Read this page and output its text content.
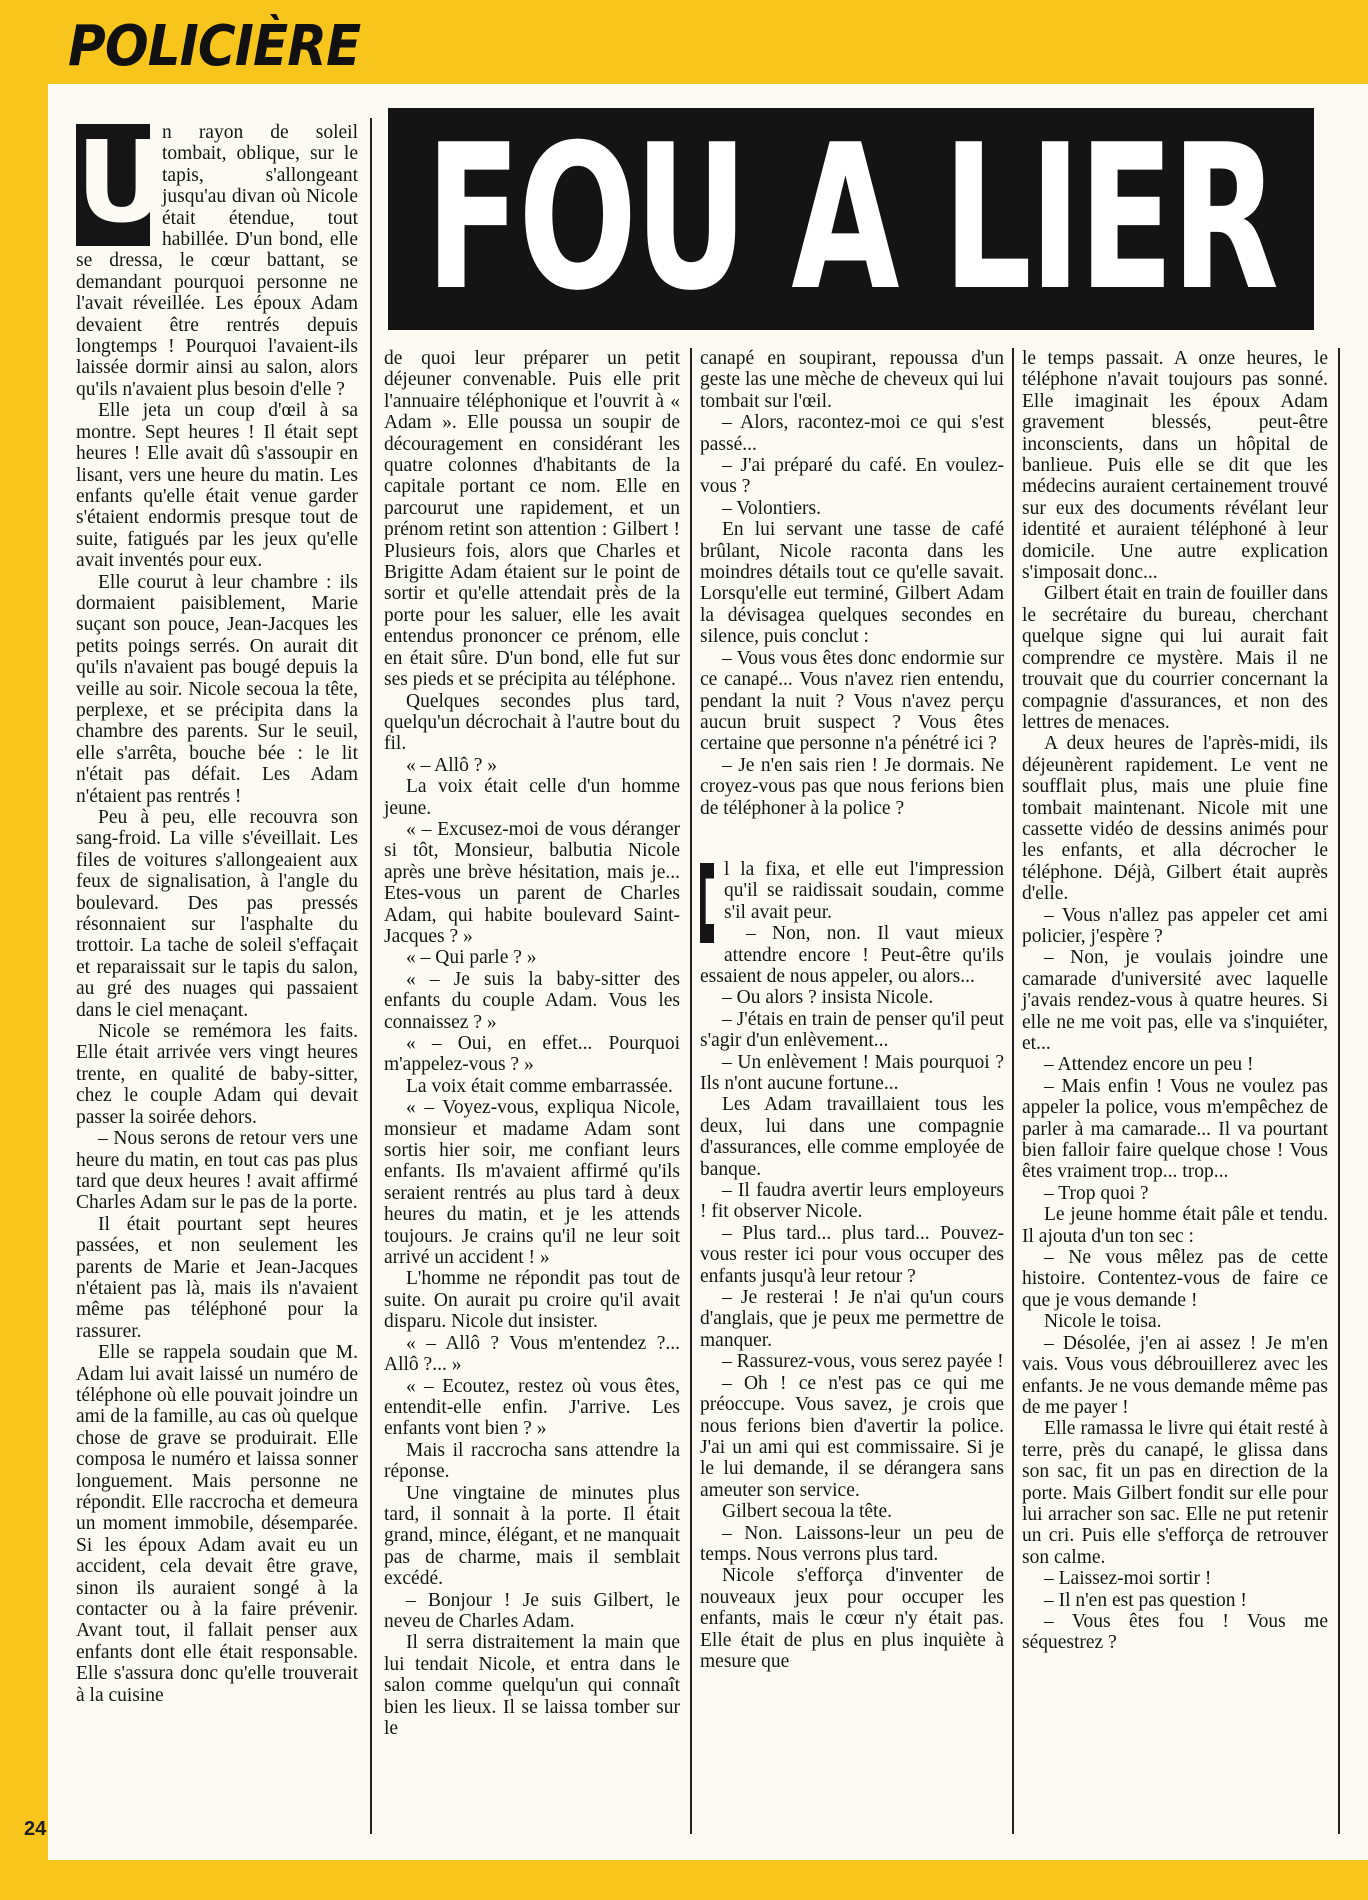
POLICIÈRE
FOU A LIER
U

n rayon de soleil tombait, oblique, sur le tapis, s'allongeant jusqu'au divan où Nicole était étendue, tout habillée. D'un bond, elle se dressa, le cœur battant, se demandant pourquoi personne ne l'avait réveillée. Les époux Adam devaient être rentrés depuis longtemps ! Pourquoi l'avaient-ils laissée dormir ainsi au salon, alors qu'ils n'avaient plus besoin d'elle ?

Elle jeta un coup d'œil à sa montre. Sept heures ! Il était sept heures ! Elle avait dû s'assoupir en lisant, vers une heure du matin. Les enfants qu'elle était venue garder s'étaient endormis presque tout de suite, fatigués par les jeux qu'elle avait inventés pour eux.

Elle courut à leur chambre : ils dormaient paisiblement, Marie suçant son pouce, Jean-Jacques les petits poings serrés. On aurait dit qu'ils n'avaient pas bougé depuis la veille au soir. Nicole secoua la tête, perplexe, et se précipita dans la chambre des parents. Sur le seuil, elle s'arrêta, bouche bée : le lit n'était pas défait. Les Adam n'étaient pas rentrés !

Peu à peu, elle recouvra son sang-froid. La ville s'éveillait. Les files de voitures s'allongeaient aux feux de signalisation, à l'angle du boulevard. Des pas pressés résonnaient sur l'asphalte du trottoir. La tache de soleil s'effaçait et reparaissait sur le tapis du salon, au gré des nuages qui passaient dans le ciel menaçant.

Nicole se remémora les faits. Elle était arrivée vers vingt heures trente, en qualité de baby-sitter, chez le couple Adam qui devait passer la soirée dehors.

– Nous serons de retour vers une heure du matin, en tout cas pas plus tard que deux heures ! avait affirmé Charles Adam sur le pas de la porte.

Il était pourtant sept heures passées, et non seulement les parents de Marie et Jean-Jacques n'étaient pas là, mais ils n'avaient même pas téléphoné pour la rassurer.

Elle se rappela soudain que M. Adam lui avait laissé un numéro de téléphone où elle pouvait joindre un ami de la famille, au cas où quelque chose de grave se produirait. Elle composa le numéro et laissa sonner longuement. Mais personne ne répondit. Elle raccrocha et demeura un moment immobile, désemparée. Si les époux Adam avait eu un accident, cela devait être grave, sinon ils auraient songé à la contacter ou à la faire prévenir. Avant tout, il fallait penser aux enfants dont elle était responsable. Elle s'assura donc qu'elle trouverait à la cuisine

de quoi leur préparer un petit déjeuner convenable. Puis elle prit l'annuaire téléphonique et l'ouvrit à « Adam ». Elle poussa un soupir de découragement en considérant les quatre colonnes d'habitants de la capitale portant ce nom. Elle en parcourut une rapidement, et un prénom retint son attention : Gilbert ! Plusieurs fois, alors que Charles et Brigitte Adam étaient sur le point de sortir et qu'elle attendait près de la porte pour les saluer, elle les avait entendus prononcer ce prénom, elle en était sûre. D'un bond, elle fut sur ses pieds et se précipita au téléphone.

Quelques secondes plus tard, quelqu'un décrochait à l'autre bout du fil.

« – Allô ? »

La voix était celle d'un homme jeune.

« – Excusez-moi de vous déranger si tôt, Monsieur, balbutia Nicole après une brève hésitation, mais je... Etes-vous un parent de Charles Adam, qui habite boulevard Saint-Jacques ? »

« – Qui parle ? »

« – Je suis la baby-sitter des enfants du couple Adam. Vous les connaissez ? »

« – Oui, en effet... Pourquoi m'appelez-vous ? »

La voix était comme embarrassée.

« – Voyez-vous, expliqua Nicole, monsieur et madame Adam sont sortis hier soir, me confiant leurs enfants. Ils m'avaient affirmé qu'ils seraient rentrés au plus tard à deux heures du matin, et je les attends toujours. Je crains qu'il ne leur soit arrivé un accident ! »

L'homme ne répondit pas tout de suite. On aurait pu croire qu'il avait disparu. Nicole dut insister.

« – Allô ? Vous m'entendez ?... Allô ?... »

« – Ecoutez, restez où vous êtes, entendit-elle enfin. J'arrive. Les enfants vont bien ? »

Mais il raccrocha sans attendre la réponse.

Une vingtaine de minutes plus tard, il sonnait à la porte. Il était grand, mince, élégant, et ne manquait pas de charme, mais il semblait excédé.

– Bonjour ! Je suis Gilbert, le neveu de Charles Adam.

Il serra distraitement la main que lui tendait Nicole, et entra dans le salon comme quelqu'un qui connaît bien les lieux. Il se laissa tomber sur le

canapé en soupirant, repoussa d'un geste las une mèche de cheveux qui lui tombait sur l'œil.

– Alors, racontez-moi ce qui s'est passé...

– J'ai préparé du café. En voulez-vous ?

– Volontiers.

En lui servant une tasse de café brûlant, Nicole raconta dans les moindres détails tout ce qu'elle savait. Lorsqu'elle eut terminé, Gilbert Adam la dévisagea quelques secondes en silence, puis conclut :

– Vous vous êtes donc endormie sur ce canapé... Vous n'avez rien entendu, pendant la nuit ? Vous n'avez perçu aucun bruit suspect ? Vous êtes certaine que personne n'a pénétré ici ?

– Je n'en sais rien ! Je dormais. Ne croyez-vous pas que nous ferions bien de téléphoner à la police ?

I l la fixa, et elle eut l'impression qu'il se raidissait soudain, comme s'il avait peur.

– Non, non. Il vaut mieux attendre encore ! Peut-être qu'ils essaient de nous appeler, ou alors...

– Ou alors ? insista Nicole.

– J'étais en train de penser qu'il peut s'agir d'un enlèvement...

– Un enlèvement ! Mais pourquoi ? Ils n'ont aucune fortune...

Les Adam travaillaient tous les deux, lui dans une compagnie d'assurances, elle comme employée de banque.

– Il faudra avertir leurs employeurs ! fit observer Nicole.

– Plus tard... plus tard... Pouvez-vous rester ici pour vous occuper des enfants jusqu'à leur retour ?

– Je resterai ! Je n'ai qu'un cours d'anglais, que je peux me permettre de manquer.

– Rassurez-vous, vous serez payée !

– Oh ! ce n'est pas ce qui me préoccupe. Vous savez, je crois que nous ferions bien d'avertir la police. J'ai un ami qui est commissaire. Si je le lui demande, il se dérangera sans ameuter son service.

Gilbert secoua la tête.

– Non. Laissons-leur un peu de temps. Nous verrons plus tard.

Nicole s'efforça d'inventer de nouveaux jeux pour occuper les enfants, mais le cœur n'y était pas. Elle était de plus en plus inquiète à mesure que

le temps passait. A onze heures, le téléphone n'avait toujours pas sonné. Elle imaginait les époux Adam gravement blessés, peut-être inconscients, dans un hôpital de banlieue. Puis elle se dit que les médecins auraient certainement trouvé sur eux des documents révélant leur identité et auraient téléphoné à leur domicile. Une autre explication s'imposait donc...

Gilbert était en train de fouiller dans le secrétaire du bureau, cherchant quelque signe qui lui aurait fait comprendre ce mystère. Mais il ne trouvait que du courrier concernant la compagnie d'assurances, et non des lettres de menaces.

A deux heures de l'après-midi, ils déjeunèrent rapidement. Le vent ne soufflait plus, mais une pluie fine tombait maintenant. Nicole mit une cassette vidéo de dessins animés pour les enfants, et alla décrocher le téléphone. Déjà, Gilbert était auprès d'elle.

– Vous n'allez pas appeler cet ami policier, j'espère ?

– Non, je voulais joindre une camarade d'université avec laquelle j'avais rendez-vous à quatre heures. Si elle ne me voit pas, elle va s'inquiéter, et...

– Attendez encore un peu !

– Mais enfin ! Vous ne voulez pas appeler la police, vous m'empêchez de parler à ma camarade... Il va pourtant bien falloir faire quelque chose ! Vous êtes vraiment trop... trop...

– Trop quoi ?

Le jeune homme était pâle et tendu. Il ajouta d'un ton sec :

– Ne vous mêlez pas de cette histoire. Contentez-vous de faire ce que je vous demande !

Nicole le toisa.

– Désolée, j'en ai assez ! Je m'en vais. Vous vous débrouillerez avec les enfants. Je ne vous demande même pas de me payer !

Elle ramassa le livre qui était resté à terre, près du canapé, le glissa dans son sac, fit un pas en direction de la porte. Mais Gilbert fondit sur elle pour lui arracher son sac. Elle ne put retenir un cri. Puis elle s'efforça de retrouver son calme.

– Laissez-moi sortir !

– Il n'en est pas question !

– Vous êtes fou ! Vous me séquestrez ?

24
